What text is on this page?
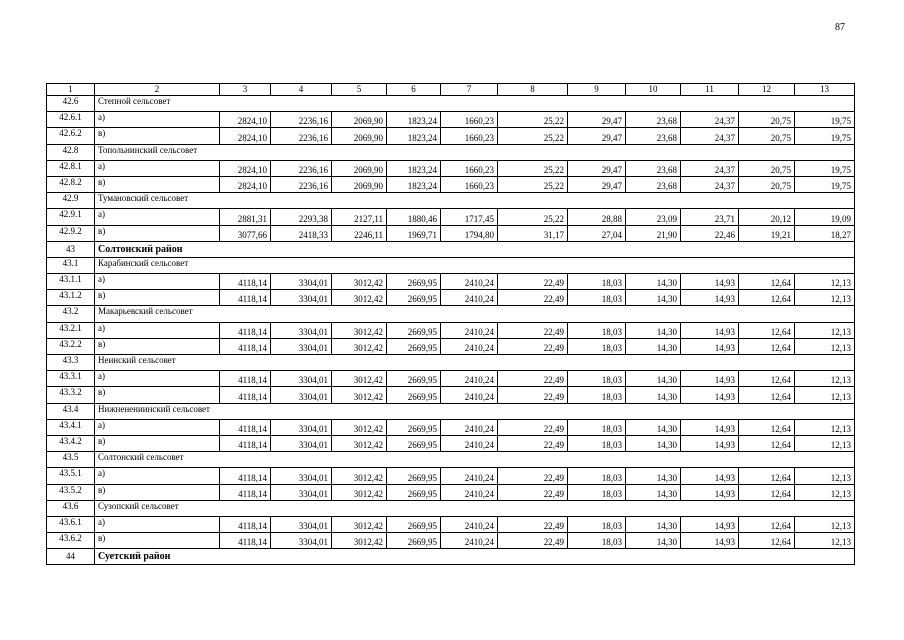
87
1	2	3	4	5	6	7	8	9	10	11	12	13
42.6	Степной сельсовет											
42.6.1	а)	2824,10	2236,16	2069,90	1823,24	1660,23	25,22	29,47	23,68	24,37	20,75	19,75
42.6.2	в)	2824,10	2236,16	2069,90	1823,24	1660,23	25,22	29,47	23,68	24,37	20,75	19,75
42.8	Топольнинский сельсовет											
42.8.1	а)	2824,10	2236,16	2069,90	1823,24	1660,23	25,22	29,47	23,68	24,37	20,75	19,75
42.8.2	в)	2824,10	2236,16	2069,90	1823,24	1660,23	25,22	29,47	23,68	24,37	20,75	19,75
42.9	Тумановский сельсовет											
42.9.1	а)	2881,31	2293,38	2127,11	1880,46	1717,45	25,22	28,88	23,09	23,71	20,12	19,09
42.9.2	в)	3077,66	2418,33	2246,11	1969,71	1794,80	31,17	27,04	21,90	22,46	19,21	18,27
43	Солтонский район											
43.1	Карабинский сельсовет											
43.1.1	а)	4118,14	3304,01	3012,42	2669,95	2410,24	22,49	18,03	14,30	14,93	12,64	12,13
43.1.2	в)	4118,14	3304,01	3012,42	2669,95	2410,24	22,49	18,03	14,30	14,93	12,64	12,13
43.2	Макарьевский сельсовет											
43.2.1	а)	4118,14	3304,01	3012,42	2669,95	2410,24	22,49	18,03	14,30	14,93	12,64	12,13
43.2.2	в)	4118,14	3304,01	3012,42	2669,95	2410,24	22,49	18,03	14,30	14,93	12,64	12,13
43.3	Неинский сельсовет											
43.3.1	а)	4118,14	3304,01	3012,42	2669,95	2410,24	22,49	18,03	14,30	14,93	12,64	12,13
43.3.2	в)	4118,14	3304,01	3012,42	2669,95	2410,24	22,49	18,03	14,30	14,93	12,64	12,13
43.4	Нижненениинский сельсовет											
43.4.1	а)	4118,14	3304,01	3012,42	2669,95	2410,24	22,49	18,03	14,30	14,93	12,64	12,13
43.4.2	в)	4118,14	3304,01	3012,42	2669,95	2410,24	22,49	18,03	14,30	14,93	12,64	12,13
43.5	Солтонский сельсовет											
43.5.1	а)	4118,14	3304,01	3012,42	2669,95	2410,24	22,49	18,03	14,30	14,93	12,64	12,13
43.5.2	в)	4118,14	3304,01	3012,42	2669,95	2410,24	22,49	18,03	14,30	14,93	12,64	12,13
43.6	Сузопский сельсовет											
43.6.1	а)	4118,14	3304,01	3012,42	2669,95	2410,24	22,49	18,03	14,30	14,93	12,64	12,13
43.6.2	в)	4118,14	3304,01	3012,42	2669,95	2410,24	22,49	18,03	14,30	14,93	12,64	12,13
44	Суетский район											
